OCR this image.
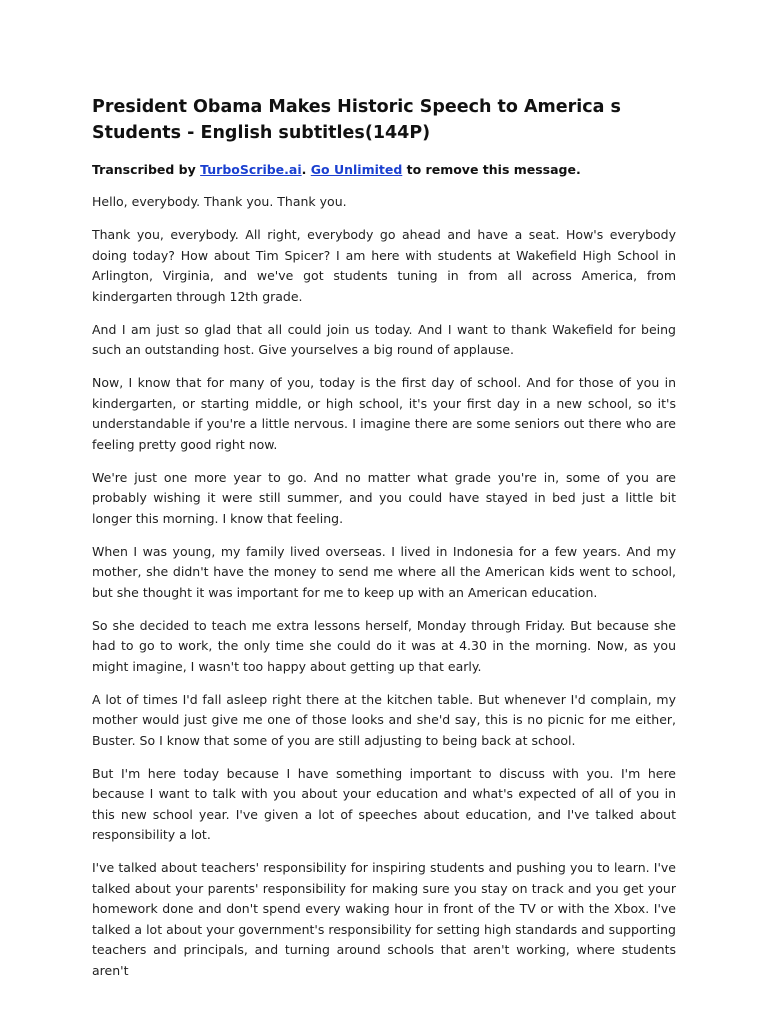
President Obama Makes Historic Speech to America s Students - English subtitles(144P)

Transcribed by TurboScribe.ai. Go Unlimited to remove this message.

Hello, everybody. Thank you. Thank you.

Thank you, everybody. All right, everybody go ahead and have a seat. How's everybody doing today? How about Tim Spicer? I am here with students at Wakefield High School in Arlington, Virginia, and we've got students tuning in from all across America, from kindergarten through 12th grade.

And I am just so glad that all could join us today. And I want to thank Wakefield for being such an outstanding host. Give yourselves a big round of applause.

Now, I know that for many of you, today is the first day of school. And for those of you in kindergarten, or starting middle, or high school, it's your first day in a new school, so it's understandable if you're a little nervous. I imagine there are some seniors out there who are feeling pretty good right now.

We're just one more year to go. And no matter what grade you're in, some of you are probably wishing it were still summer, and you could have stayed in bed just a little bit longer this morning. I know that feeling.

When I was young, my family lived overseas. I lived in Indonesia for a few years. And my mother, she didn't have the money to send me where all the American kids went to school, but she thought it was important for me to keep up with an American education.

So she decided to teach me extra lessons herself, Monday through Friday. But because she had to go to work, the only time she could do it was at 4.30 in the morning. Now, as you might imagine, I wasn't too happy about getting up that early.

A lot of times I'd fall asleep right there at the kitchen table. But whenever I'd complain, my mother would just give me one of those looks and she'd say, this is no picnic for me either, Buster. So I know that some of you are still adjusting to being back at school.

But I'm here today because I have something important to discuss with you. I'm here because I want to talk with you about your education and what's expected of all of you in this new school year. I've given a lot of speeches about education, and I've talked about responsibility a lot.

I've talked about teachers' responsibility for inspiring students and pushing you to learn. I've talked about your parents' responsibility for making sure you stay on track and you get your homework done and don't spend every waking hour in front of the TV or with the Xbox. I've talked a lot about your government's responsibility for setting high standards and supporting teachers and principals, and turning around schools that aren't working, where students aren't
